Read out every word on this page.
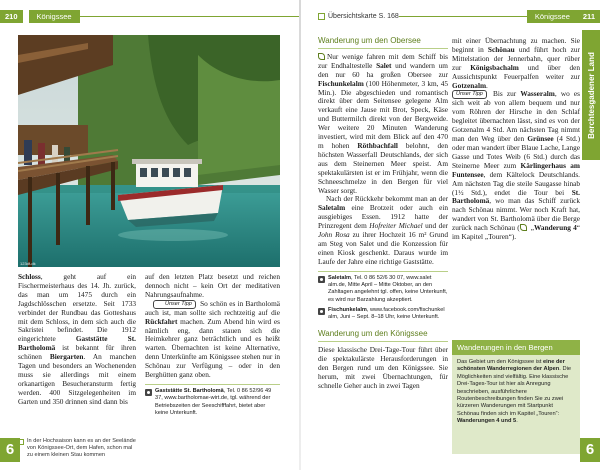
210	Königssee
123df-dk

Schloss, geht auf ein Fischermeisterhaus des 14. Jh. zurück, das man um 1475 durch ein Jagdschlösschen ersetzte. Seit 1733 verbindet der Rundbau das Gotteshaus mit dem Schloss, in dem sich auch die Sakristei befindet. Die 1912 eingerichtete Gaststätte St. Bartholomä ist bekannt für ihren schönen Biergarten. An manchen Tagen und besonders an Wochenenden muss sie allerdings mit einem orkanartigen Besucheransturm fertig werden. 400 Sitzgelegenheiten im Garten und 350 drinnen sind dann bis

In der Hochsaison kann es an der Seelände von Königssee-Ort, dem Hafen, schon mal zu einem kleinen Stau kommen

auf den letzten Platz besetzt und reichen dennoch nicht – kein Ort der meditativen Nahrungsaufnahme.

Unser Tipp So schön es in Bartholomä auch ist, man sollte sich rechtzeitig auf die Rückfahrt machen. Zum Abend hin wird es nämlich eng, dann stauen sich die Heimkehrer ganz beträchtlich und es heißt warten. Übernachten ist keine Alternative, denn Unterkünfte am Königssee stehen nur in Schönau zur Verfügung – oder in den Berghütten ganz oben.

Gaststätte St. Bartholomä, Tel. 0 86 52/96 49 37, www.bartholomae-wirt.de, tgl. während der Betriebszeiten der Seeschifffahrt, bietet aber keine Unterkunft.
6
Übersichtskarte S. 168	Königssee	211
Berchtesgadener Land
Wanderung um den Obersee

Nur wenige fahren mit dem Schiff bis zur Endhaltestelle Salet und wandern um den nur 60 ha großen Obersee zur Fischunkelalm (100 Höhenmeter, 3 km, 45 Min.). Die abgeschieden und romantisch direkt über dem Seitensee gelegene Alm verkauft eine Jause mit Brot, Speck, Käse und Buttermilch direkt von der Bergweide. Wer weitere 20 Minuten Wanderung investiert, wird mit dem Blick auf den 470 m hohen Röthbachfall belohnt, den höchsten Wasserfall Deutschlands, der sich aus dem Steinernen Meer speist. Am spektakulärsten ist er im Frühjahr, wenn die Schneeschmelze in den Bergen für viel Wasser sorgt.

Nach der Rückkehr bekommt man an der Saletalm eine Brotzeit oder auch ein ausgiebiges Essen. 1912 hatte der Prinzregent dem Hofreiter Michael und der John Rosa zu ihrer Hochzeit 16 m² Grund am Steg von Salet und die Konzession für einen Kiosk geschenkt. Daraus wurde im Laufe der Jahre eine richtige Gaststätte.

Saletalm, Tel. 0 86 52/6 30 07, www.salet alm.de, Mitte April – Mitte Oktober, an den Zahltagen angelehnt tgl. offen, keine Unterkunft, es wird nur Barzahlung akzeptiert.
Fischunkelalm, www.facebook.com/fischunkel alm, Juni – Sept. 8–18 Uhr, keine Unterkunft.
Wanderung um den Königssee

Diese klassische Drei-Tage-Tour führt über die spektakulärste Herausforderungen in den Bergen rund um den Königssee. Sie herum, mit zwei Übernachtungen, für schnelle Geher auch in zwei Tagen

mit einer Übernachtung zu machen. Sie beginnt in Schönau und führt hoch zur Mittelstation der Jennerbahn, quer rüber zur Königsbachalm und über den Aussichtspunkt Feuerpalfen weiter zur Gotzenalm.

Unser Tipp Bis zur Wasseralm, wo es sich weit ab von allem bequem und nur vom Röhren der Hirsche in den Schlaf begleitet übernachten lässt, sind es von der Gotzenalm 4 Std. Am nächsten Tag nimmt man den Weg über den Grünsee (4 Std.) oder man wandert über Blaue Lache, Lange Gasse und Totes Weib (6 Std.) durch das Steinerne Meer zum Kärlingerhaus am Funtensee, dem Kältelock Deutschlands. Am nächsten Tag die steile Saugasse hinab (1½ Std.), endet die Tour bei St. Bartholomä, wo man das Schiff zurück nach Schönau nimmt. Wer noch Kraft hat, wandert von St. Bartholomä über die Berge zurück nach Schönau ( „Wanderung 4“ im Kapitel „Touren“).

Wanderungen in den Bergen
Das Gebiet um den Königssee ist eine der schönsten Wanderregionen der Alpen. Die Möglichkeiten sind vielfältig. Eine klassische Drei-Tages-Tour ist hier als Anregung beschrieben, ausführlichere Routenbeschreibungen finden Sie zu zwei kürzeren Wanderungen mit Startpunkt Schönau finden sich im Kapitel „Touren“: Wanderungen 4 und 5.
6
